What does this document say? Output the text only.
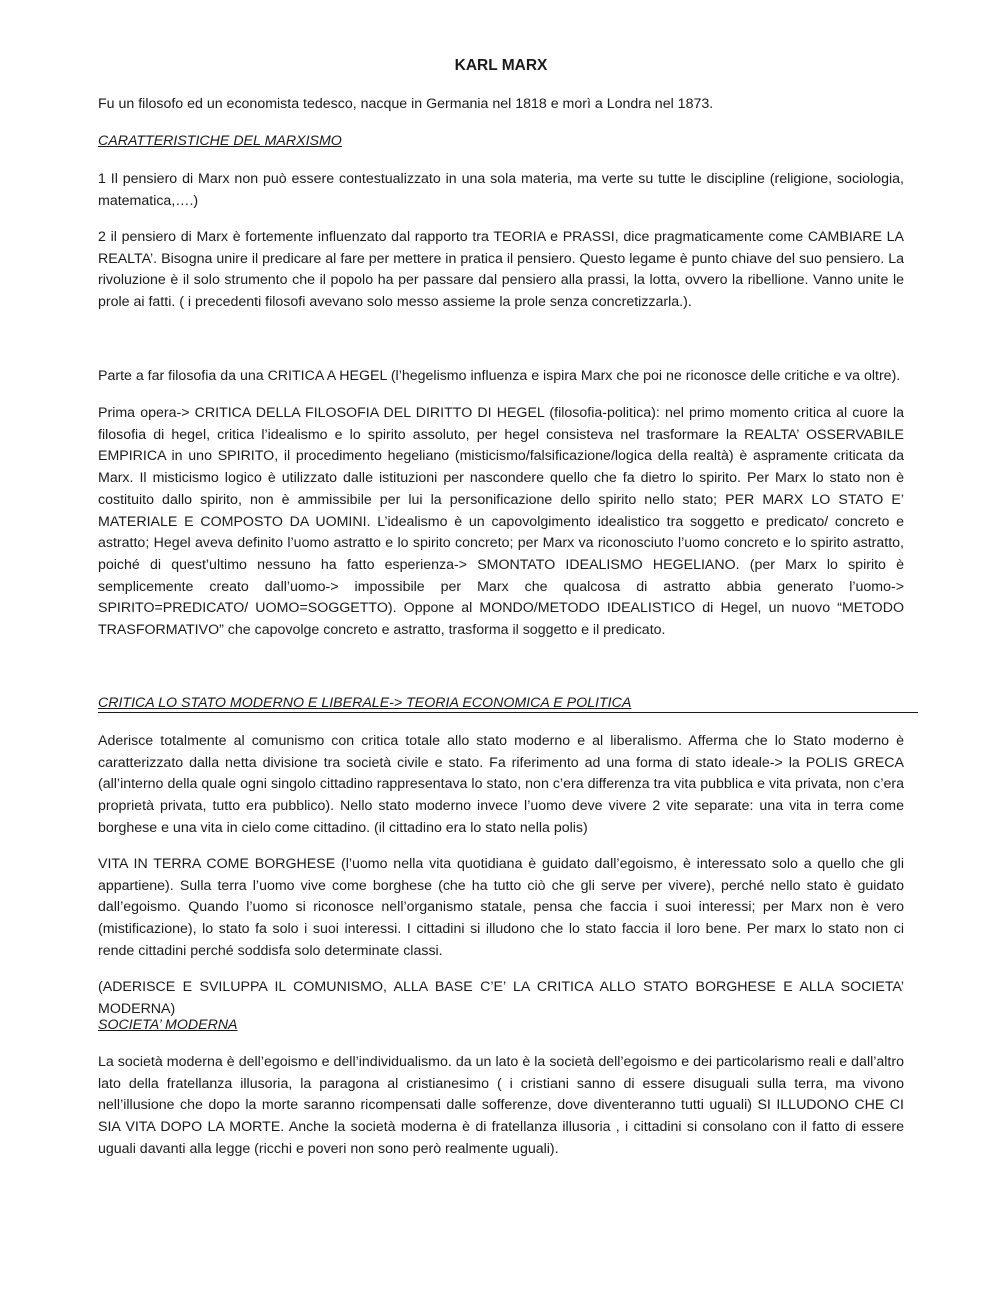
KARL MARX

Fu un filosofo ed un economista tedesco, nacque in Germania nel 1818 e morì a Londra nel 1873.

CARATTERISTICHE DEL MARXISMO

1 Il pensiero di Marx non può essere contestualizzato in una sola materia, ma verte su tutte le discipline (religione, sociologia, matematica,….)

2 il pensiero di Marx è fortemente influenzato dal rapporto tra TEORIA e PRASSI, dice pragmaticamente come CAMBIARE LA REALTA’. Bisogna unire il predicare al fare per mettere in pratica il pensiero. Questo legame è punto chiave del suo pensiero. La rivoluzione è il solo strumento che il popolo ha per passare dal pensiero alla prassi, la lotta, ovvero la ribellione. Vanno unite le prole ai fatti. ( i precedenti filosofi avevano solo messo assieme la prole senza concretizzarla.).

Parte a far filosofia da una CRITICA A HEGEL (l’hegelismo influenza e ispira Marx che poi ne riconosce delle critiche e va oltre).

Prima opera-> CRITICA DELLA FILOSOFIA DEL DIRITTO DI HEGEL (filosofia-politica): nel primo momento critica al cuore la filosofia di hegel, critica l’idealismo e lo spirito assoluto, per hegel consisteva nel trasformare la REALTA’ OSSERVABILE EMPIRICA in uno SPIRITO, il procedimento hegeliano (misticismo/falsificazione/logica della realtà) è aspramente criticata da Marx. Il misticismo logico è utilizzato dalle istituzioni per nascondere quello che fa dietro lo spirito. Per Marx lo stato non è costituito dallo spirito, non è ammissibile per lui la personificazione dello spirito nello stato; PER MARX LO STATO E’ MATERIALE E COMPOSTO DA UOMINI. L’idealismo è un capovolgimento idealistico tra soggetto e predicato/ concreto e astratto; Hegel aveva definito l’uomo astratto e lo spirito concreto; per Marx va riconosciuto l’uomo concreto e lo spirito astratto, poiché di quest’ultimo nessuno ha fatto esperienza-> SMONTATO IDEALISMO HEGELIANO. (per Marx lo spirito è semplicemente creato dall’uomo-> impossibile per Marx che qualcosa di astratto abbia generato l’uomo-> SPIRITO=PREDICATO/ UOMO=SOGGETTO). Oppone al MONDO/METODO IDEALISTICO di Hegel, un nuovo “METODO TRASFORMATIVO” che capovolge concreto e astratto, trasforma il soggetto e il predicato.

CRITICA LO STATO MODERNO E LIBERALE-> TEORIA ECONOMICA E POLITICA

Aderisce totalmente al comunismo con critica totale allo stato moderno e al liberalismo. Afferma che lo Stato moderno è caratterizzato dalla netta divisione tra società civile e stato. Fa riferimento ad una forma di stato ideale-> la POLIS GRECA (all’interno della quale ogni singolo cittadino rappresentava lo stato, non c’era differenza tra vita pubblica e vita privata, non c’era proprietà privata, tutto era pubblico). Nello stato moderno invece l’uomo deve vivere 2 vite separate: una vita in terra come borghese e una vita in cielo come cittadino. (il cittadino era lo stato nella polis)

VITA IN TERRA COME BORGHESE (l’uomo nella vita quotidiana è guidato dall’egoismo, è interessato solo a quello che gli appartiene). Sulla terra l’uomo vive come borghese (che ha tutto ciò che gli serve per vivere), perché nello stato è guidato dall’egoismo. Quando l’uomo si riconosce nell’organismo statale, pensa che faccia i suoi interessi; per Marx non è vero (mistificazione), lo stato fa solo i suoi interessi. I cittadini si illudono che lo stato faccia il loro bene. Per marx lo stato non ci rende cittadini perché soddisfa solo determinate classi.

(ADERISCE E SVILUPPA IL COMUNISMO, ALLA BASE C’E’ LA CRITICA ALLO STATO BORGHESE E ALLA SOCIETA’ MODERNA)

SOCIETA’ MODERNA

La società moderna è dell’egoismo e dell’individualismo. da un lato è la società dell’egoismo e dei particolarismo reali e dall’altro lato della fratellanza illusoria, la paragona al cristianesimo ( i cristiani sanno di essere disuguali sulla terra, ma vivono nell’illusione che dopo la morte saranno ricompensati dalle sofferenze, dove diventeranno tutti uguali) SI ILLUDONO CHE CI SIA VITA DOPO LA MORTE. Anche la società moderna è di fratellanza illusoria , i cittadini si consolano con il fatto di essere uguali davanti alla legge (ricchi e poveri non sono però realmente uguali).
